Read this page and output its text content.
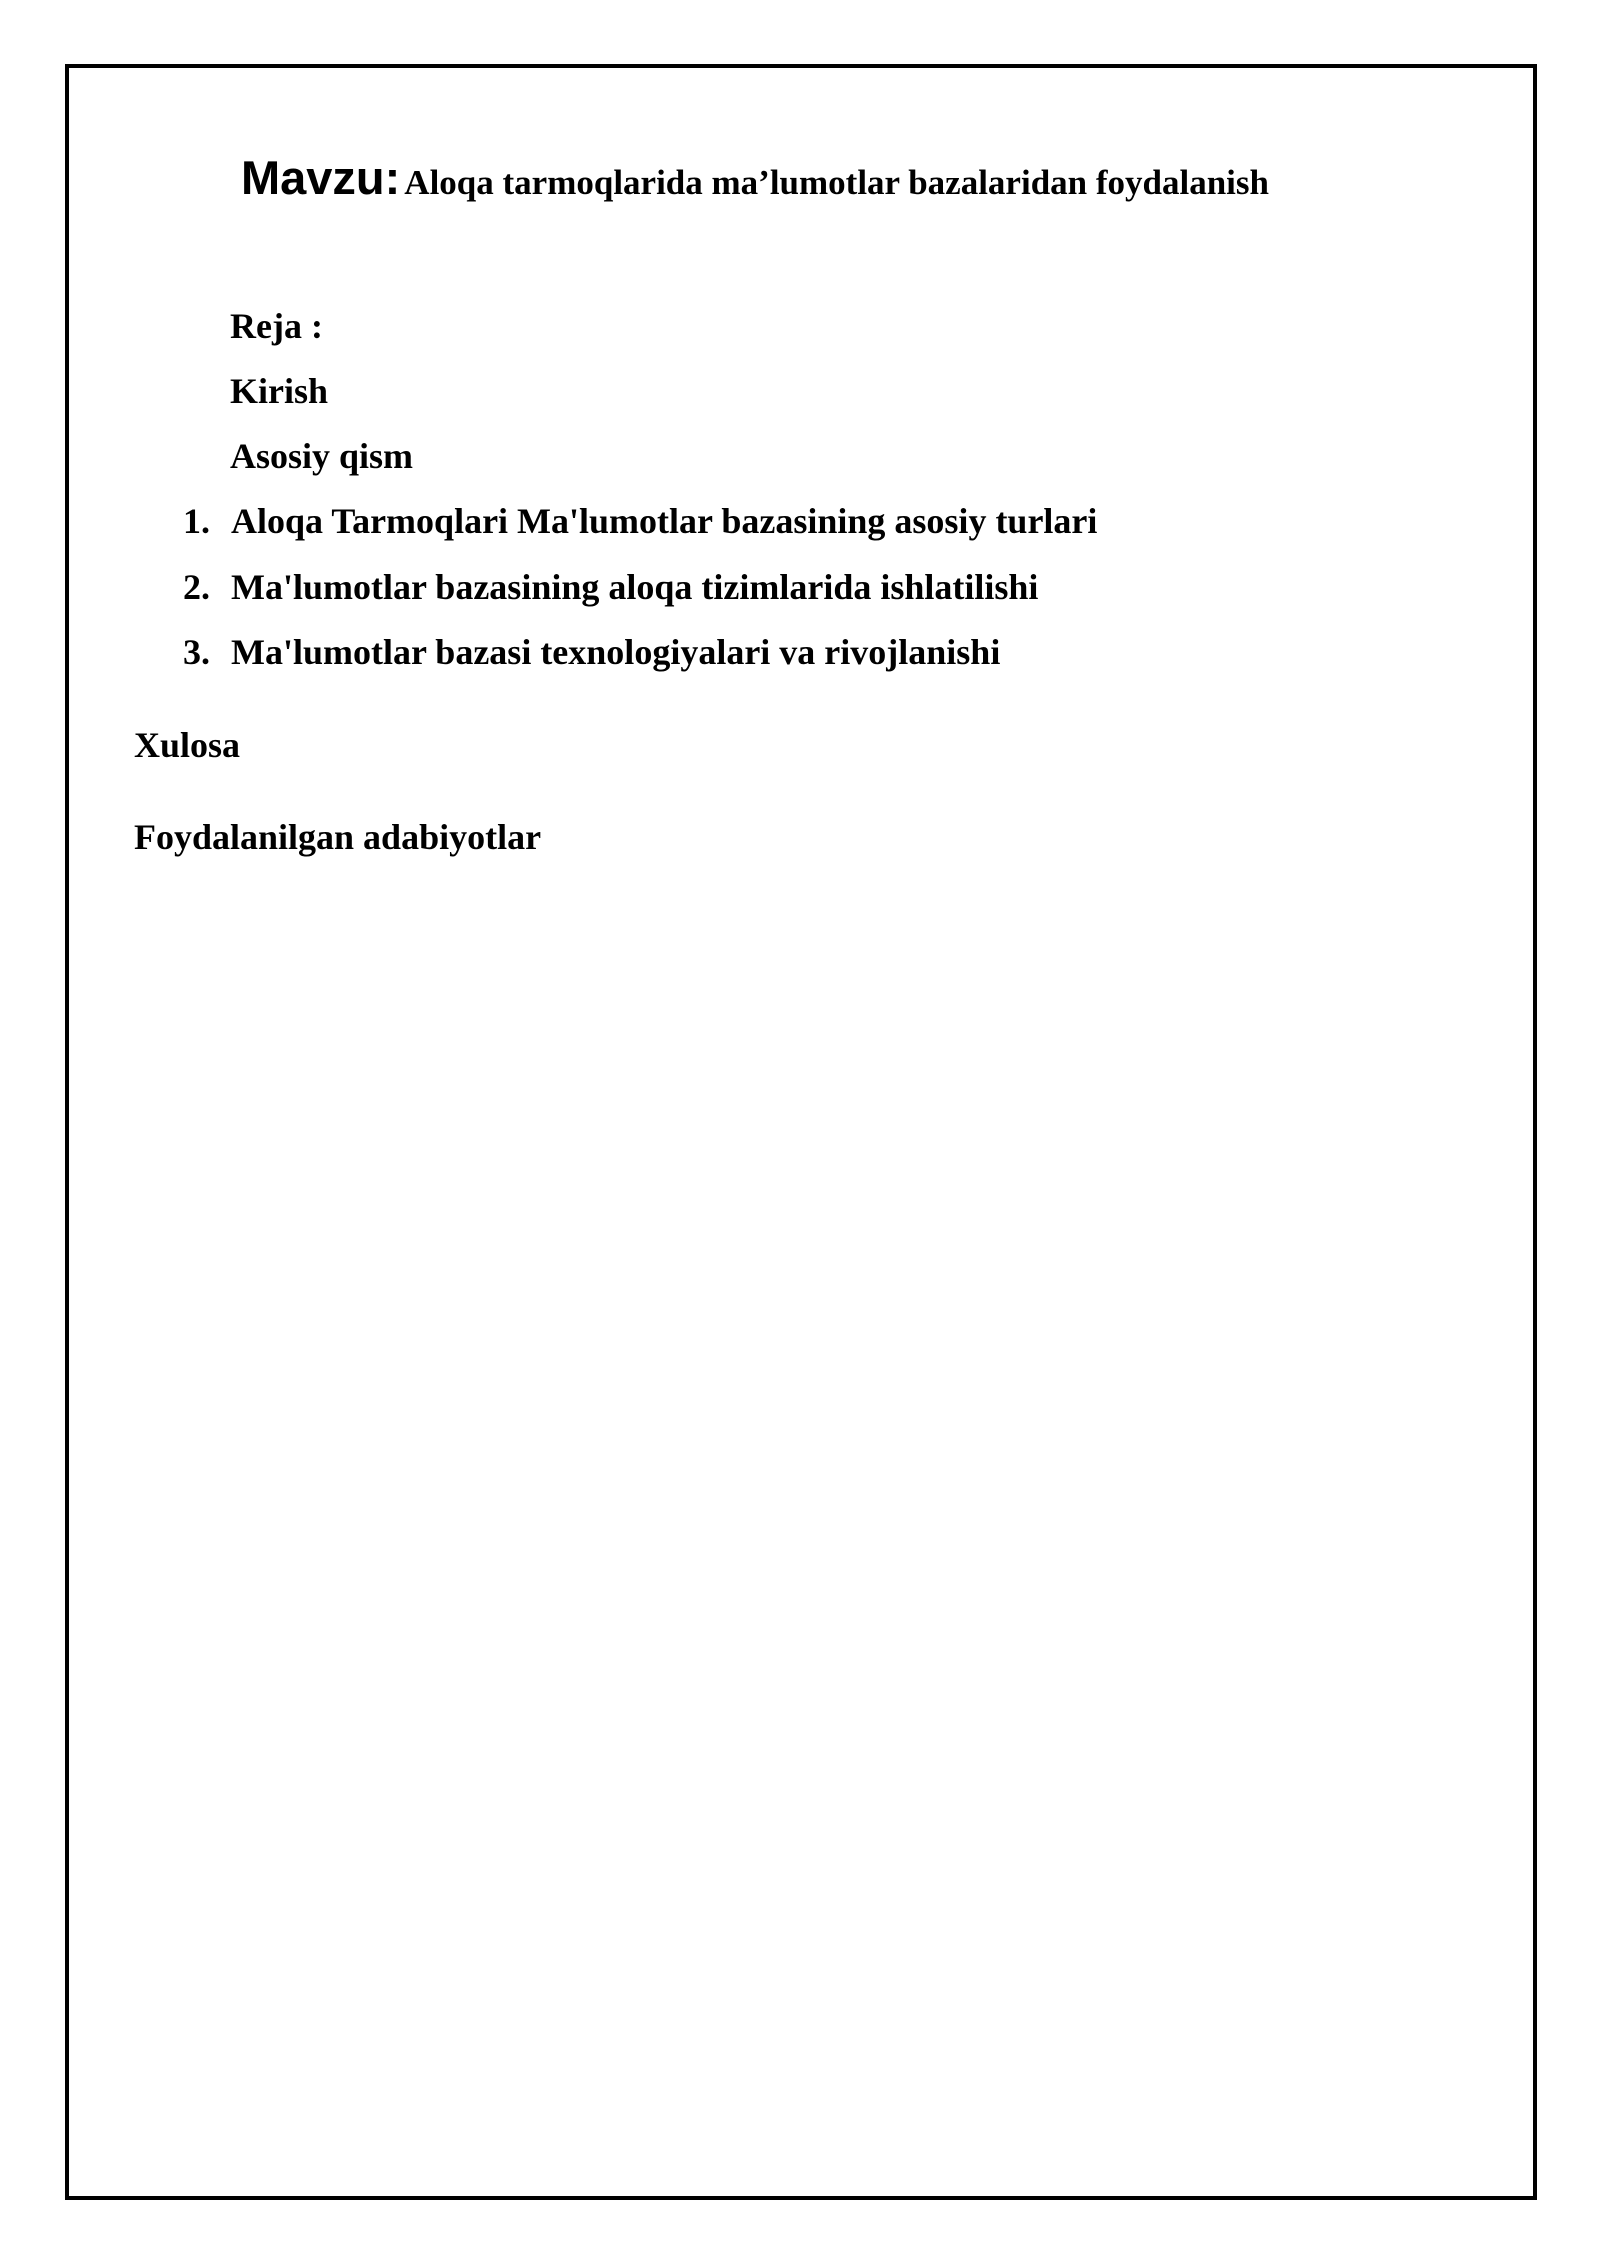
Mavzu: Aloqa tarmoqlarida ma’lumotlar bazalaridan foydalanish
Reja :
Kirish
Asosiy qism
1. Aloqa Tarmoqlari Ma'lumotlar bazasining asosiy turlari
2. Ma'lumotlar bazasining aloqa tizimlarida ishlatilishi
3. Ma'lumotlar bazasi texnologiyalari va rivojlanishi
Xulosa
Foydalanilgan adabiyotlar
